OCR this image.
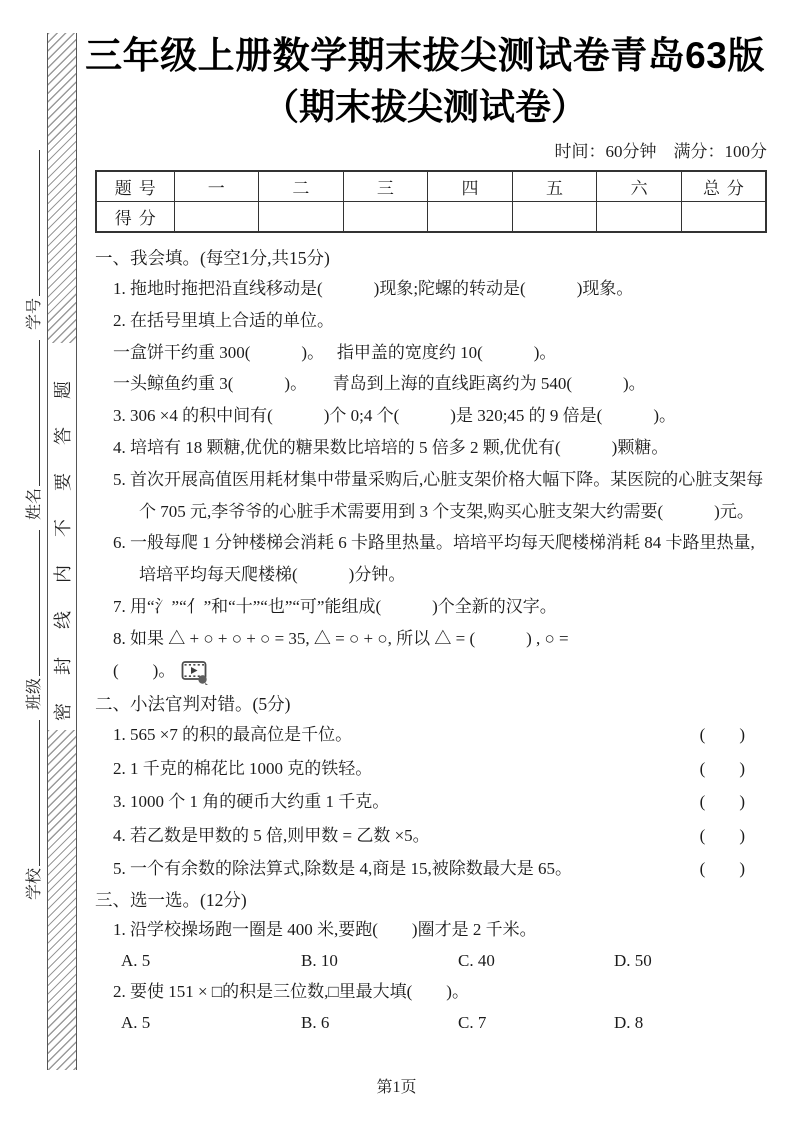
学校
班级
姓名
学号
密封线内不要答题
三年级上册数学期末拔尖测试卷青岛63版
（期末拔尖测试卷）
时间：60分钟　满分：100分
题号	一	二	三	四	五	六	总分
得分							
一、我会填。(每空1分,共15分)
1. 拖地时拖把沿直线移动是(　　　)现象;陀螺的转动是(　　　)现象。
2. 在括号里填上合适的单位。
一盒饼干约重 300(　　　)。　 指甲盖的宽度约 10(　　　)。
一头鲸鱼约重 3(　　　)。　　青岛到上海的直线距离约为 540(　　　)。
3. 306 ×4 的积中间有(　　　)个 0;4 个(　　　)是 320;45 的 9 倍是(　　　)。
4. 培培有 18 颗糖,优优的糖果数比培培的 5 倍多 2 颗,优优有(　　　)颗糖。
5. 首次开展高值医用耗材集中带量采购后,心脏支架价格大幅下降。某医院的心脏支架每个 705 元,李爷爷的心脏手术需要用到 3 个支架,购买心脏支架大约需要(　　　)元。
6. 一般每爬 1 分钟楼梯会消耗 6 卡路里热量。培培平均每天爬楼梯消耗 84 卡路里热量,培培平均每天爬楼梯(　　　)分钟。
7. 用“氵”“亻”和“十”“也”“可”能组成(　　　)个全新的汉字。
8. 如果 △ + ○ + ○ + ○ = 35, △ = ○ + ○, 所以 △ = (　　　) , ○ =
(　　)。
二、小法官判对错。(5分)
1. 565 ×7 的积的最高位是千位。	(　　)
2. 1 千克的棉花比 1000 克的铁轻。	(　　)
3. 1000 个 1 角的硬币大约重 1 千克。	(　　)
4. 若乙数是甲数的 5 倍,则甲数 = 乙数 ×5。	(　　)
5. 一个有余数的除法算式,除数是 4,商是 15,被除数最大是 65。	(　　)
三、选一选。(12分)
1. 沿学校操场跑一圈是 400 米,要跑(　　)圈才是 2 千米。
A. 5	B. 10	C. 40	D. 50
2. 要使 151 × □的积是三位数,□里最大填(　　)。
A. 5	B. 6	C. 7	D. 8
第1页
